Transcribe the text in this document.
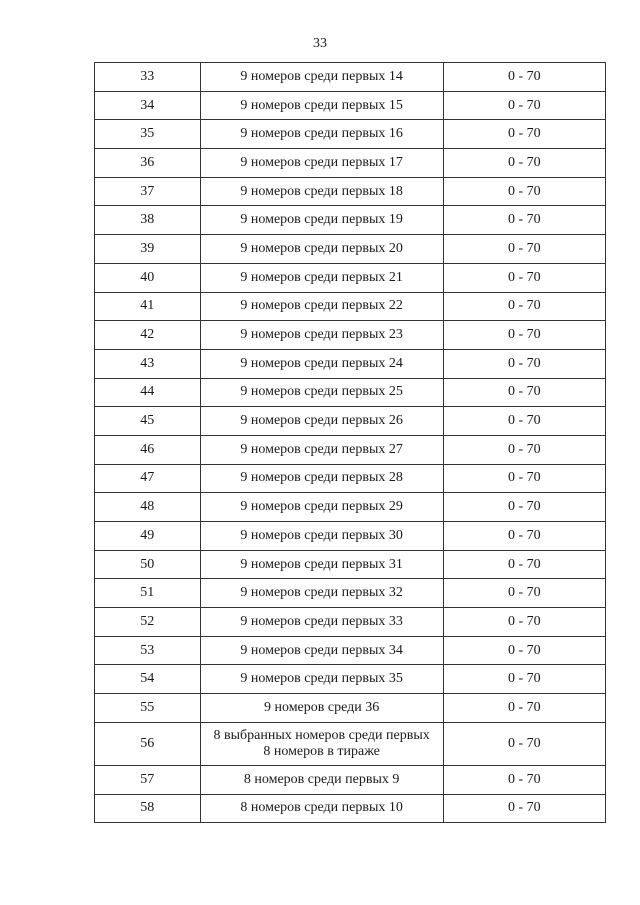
33
33	9 номеров среди первых 14	0 - 70
34	9 номеров среди первых 15	0 - 70
35	9 номеров среди первых 16	0 - 70
36	9 номеров среди первых 17	0 - 70
37	9 номеров среди первых 18	0 - 70
38	9 номеров среди первых 19	0 - 70
39	9 номеров среди первых 20	0 - 70
40	9 номеров среди первых 21	0 - 70
41	9 номеров среди первых 22	0 - 70
42	9 номеров среди первых 23	0 - 70
43	9 номеров среди первых 24	0 - 70
44	9 номеров среди первых 25	0 - 70
45	9 номеров среди первых 26	0 - 70
46	9 номеров среди первых 27	0 - 70
47	9 номеров среди первых 28	0 - 70
48	9 номеров среди первых 29	0 - 70
49	9 номеров среди первых 30	0 - 70
50	9 номеров среди первых 31	0 - 70
51	9 номеров среди первых 32	0 - 70
52	9 номеров среди первых 33	0 - 70
53	9 номеров среди первых 34	0 - 70
54	9 номеров среди первых 35	0 - 70
55	9 номеров среди 36	0 - 70
56	8 выбранных номеров среди первых
8 номеров в тираже	0 - 70
57	8 номеров среди первых 9	0 - 70
58	8 номеров среди первых 10	0 - 70
